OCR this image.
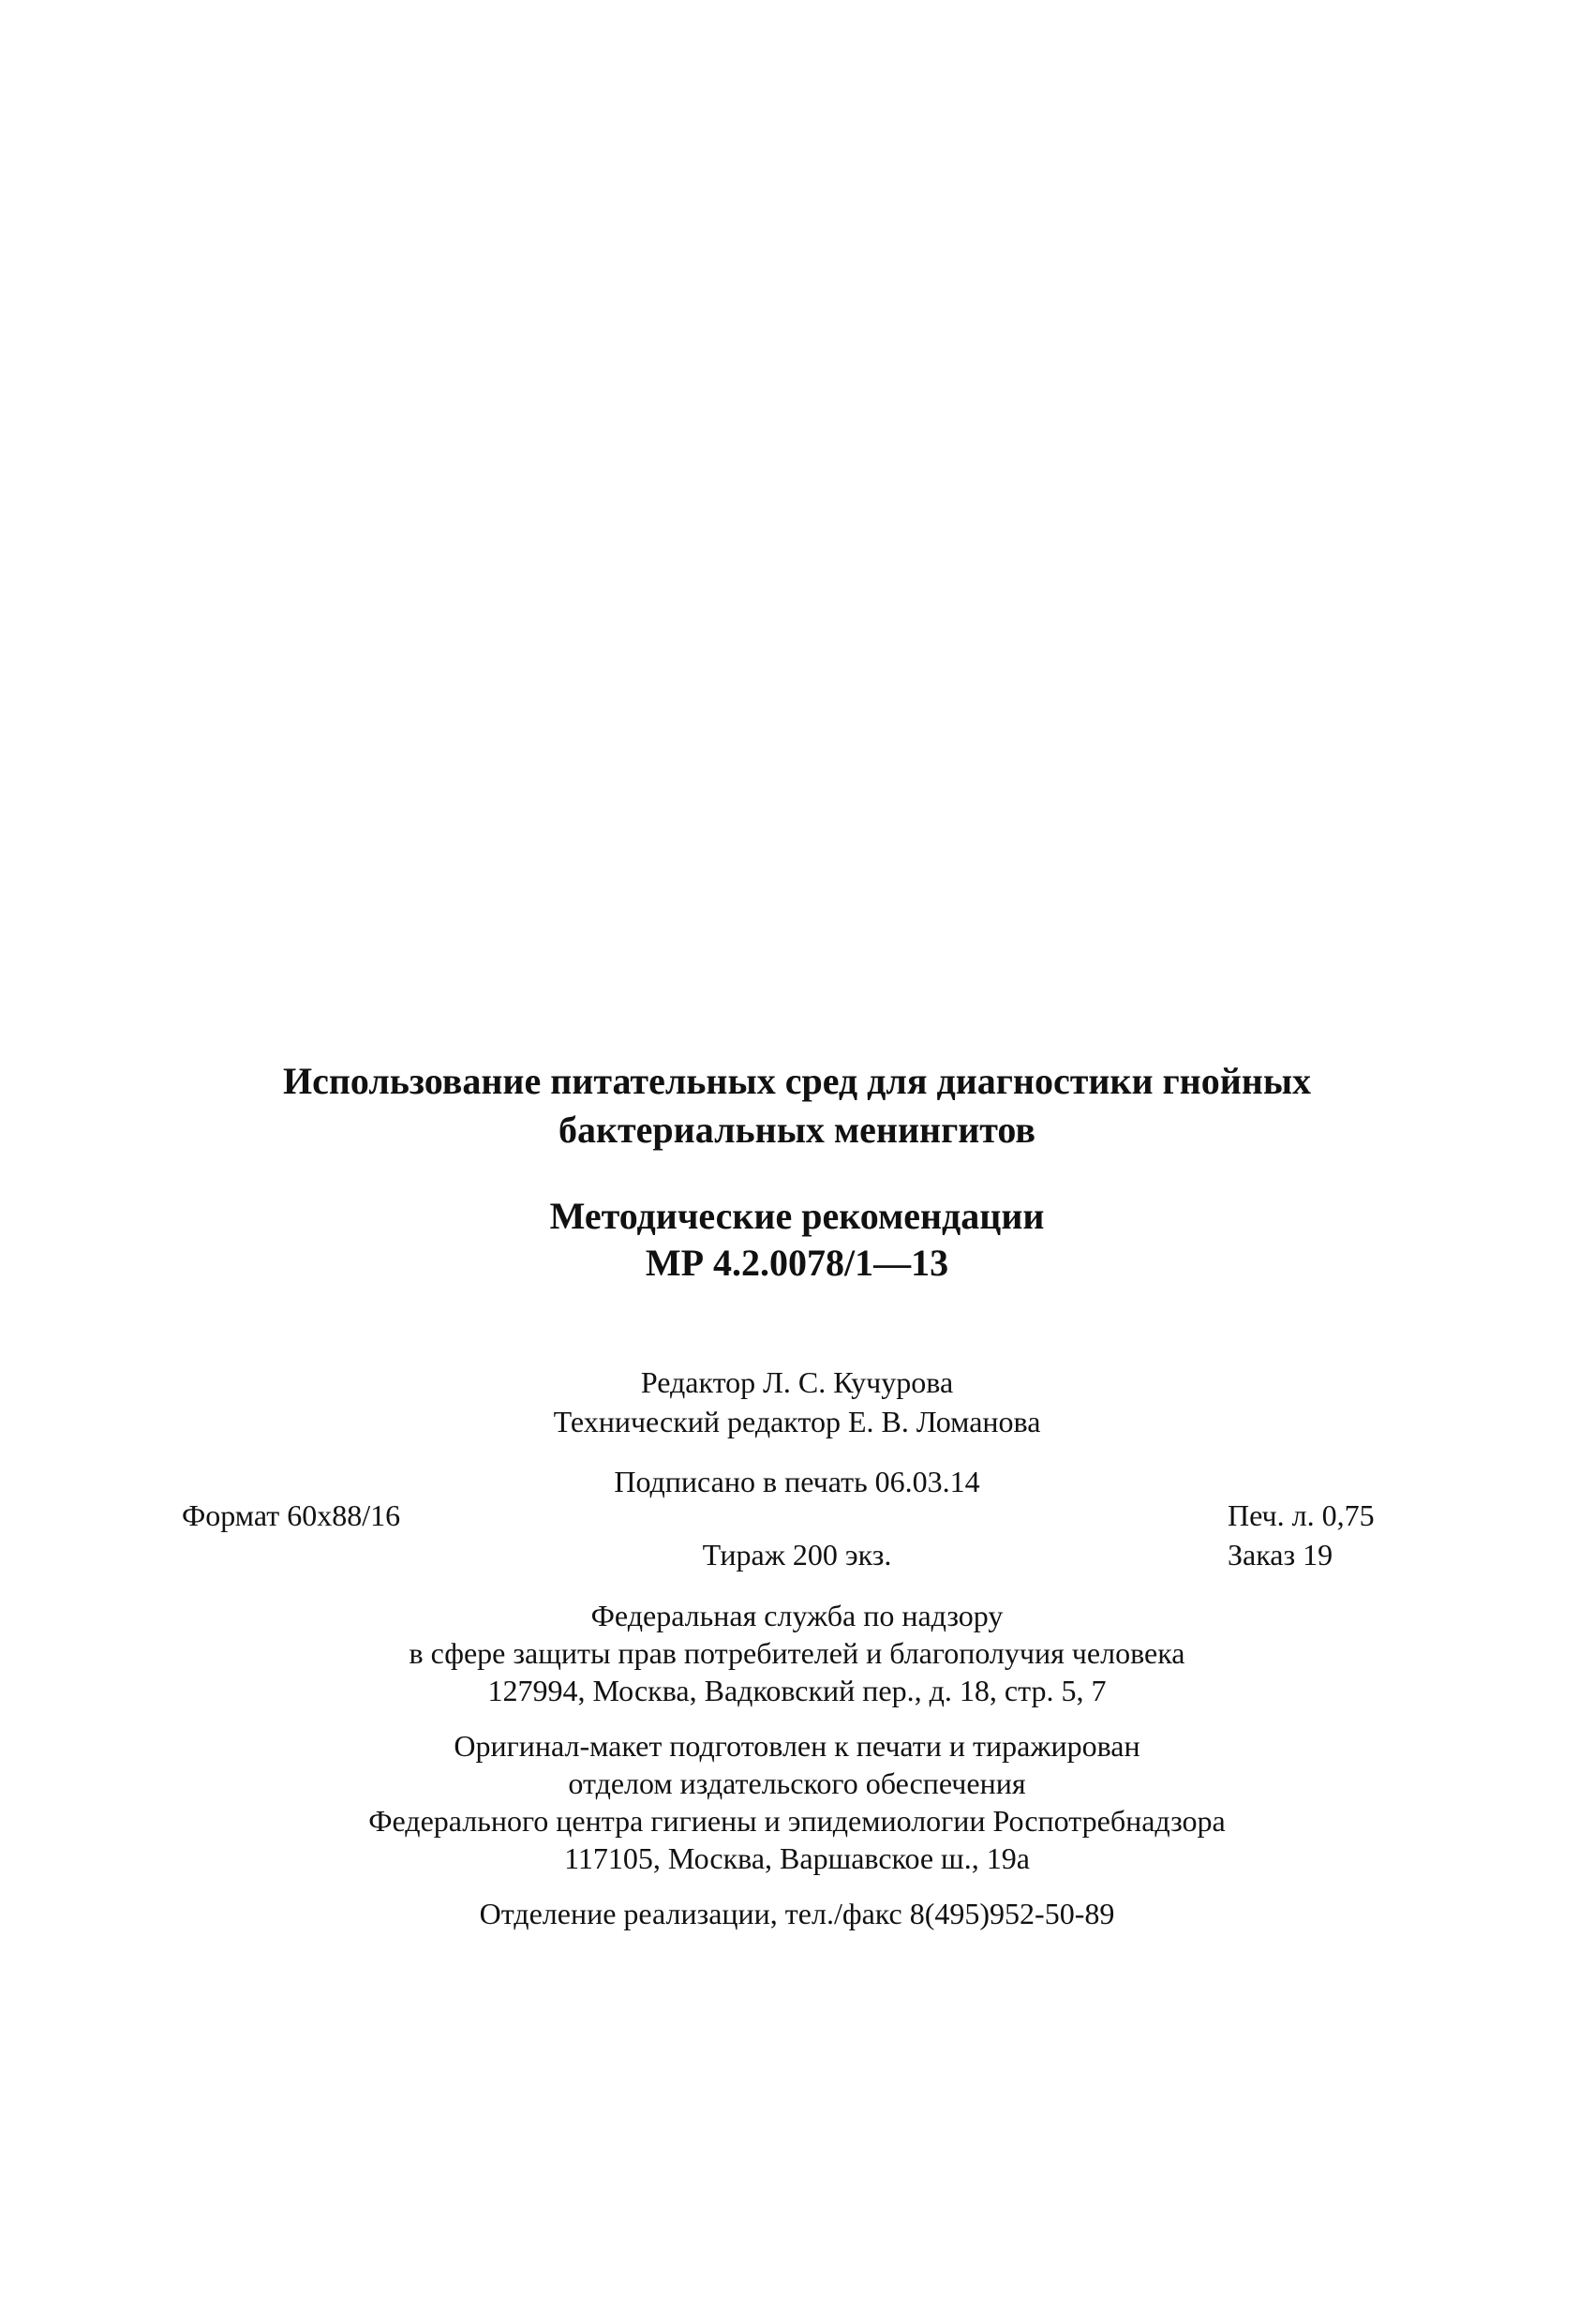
Использование питательных сред для диагностики гнойных
бактериальных менингитов
Методические рекомендации
МР 4.2.0078/1—13
Редактор Л. С. Кучурова
Технический редактор Е. В. Ломанова
Подписано в печать 06.03.14
Формат 60х88/16
Тираж 200 экз.
Печ. л. 0,75
Заказ 19
Федеральная служба по надзору
в сфере защиты прав потребителей и благополучия человека
127994, Москва, Вадковский пер., д. 18, стр. 5, 7
Оригинал-макет подготовлен к печати и тиражирован
отделом издательского обеспечения
Федерального центра гигиены и эпидемиологии Роспотребнадзора
117105, Москва, Варшавское ш., 19а
Отделение реализации, тел./факс 8(495)952-50-89
